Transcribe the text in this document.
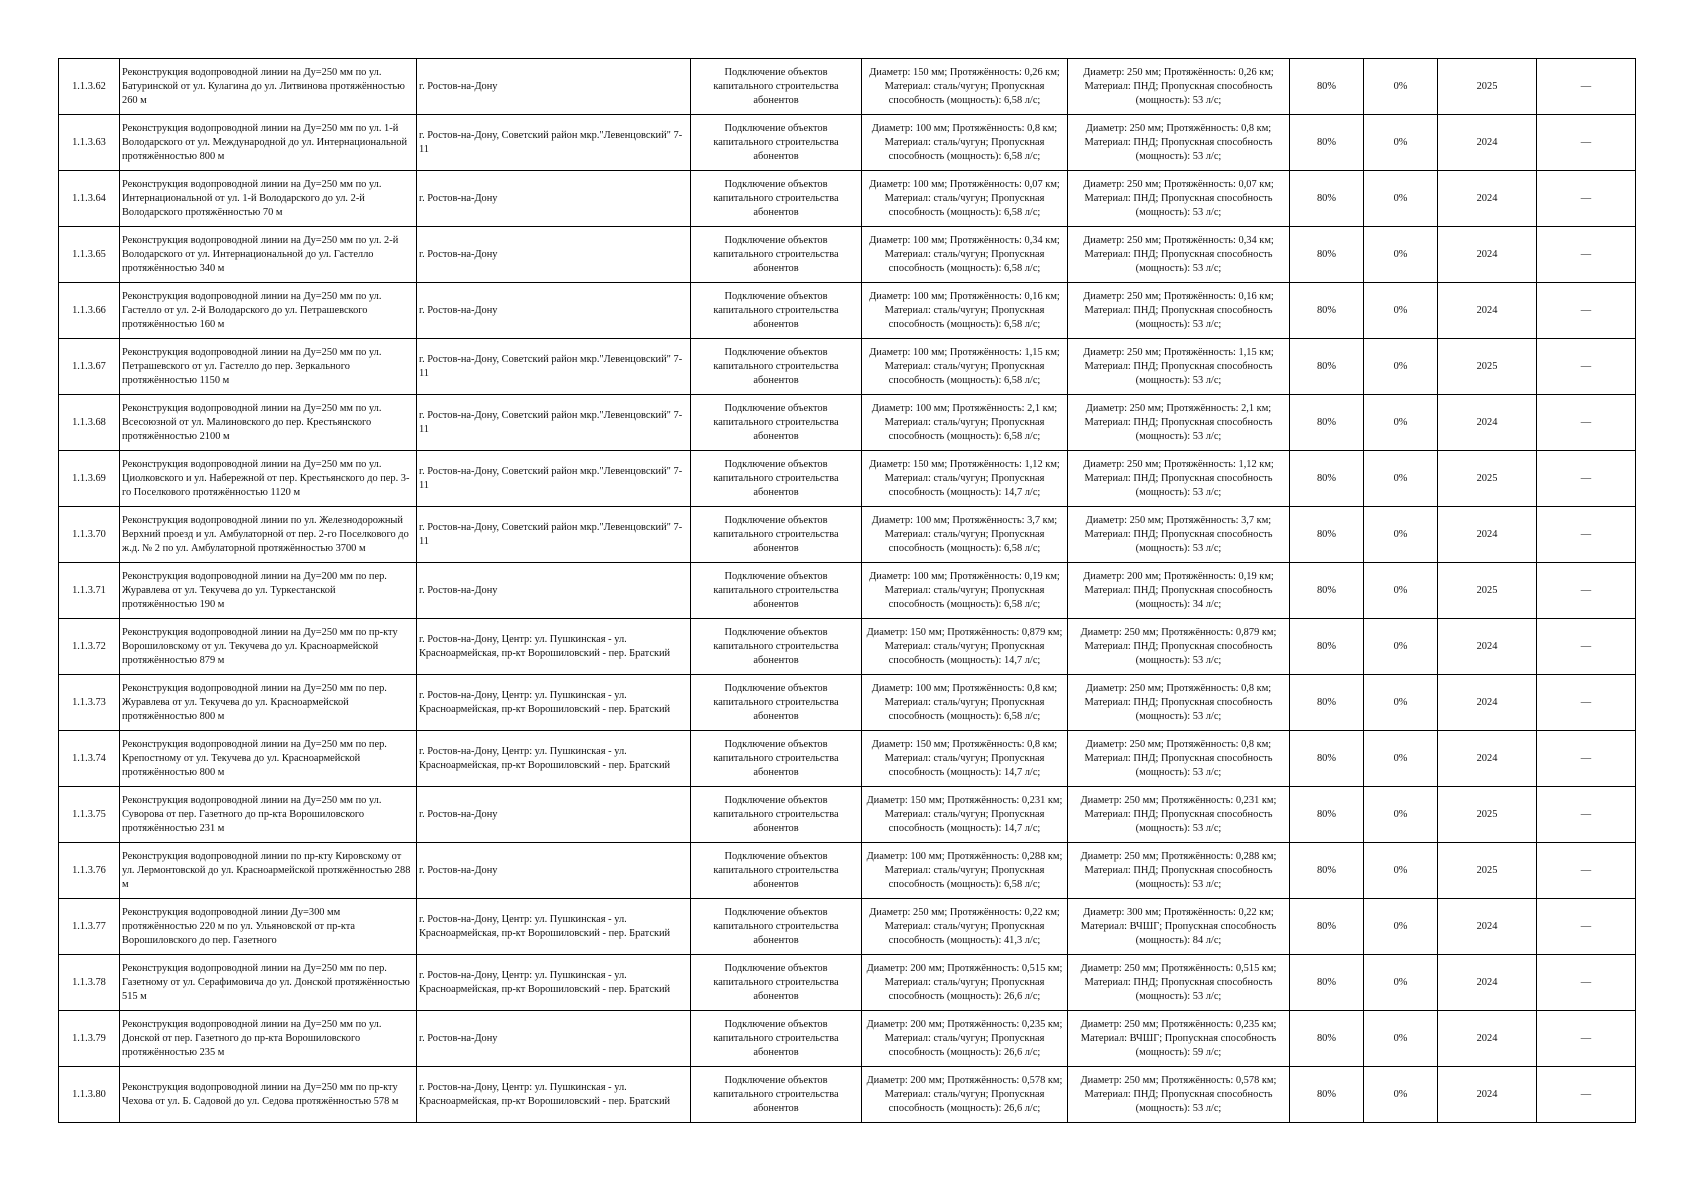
1.1.3.62	Реконструкция водопроводной линии на Ду=250 мм по ул. Батуринской от ул. Кулагина до ул. Литвинова протяжённостью 260 м	г. Ростов-на-Дону	Подключение объектов капитального строительства абонентов	Диаметр: 150 мм; Протяжённость: 0,26 км; Материал: сталь/чугун; Пропускная способность (мощность): 6,58 л/с;	Диаметр: 250 мм; Протяжённость: 0,26 км; Материал: ПНД; Пропускная способность (мощность): 53 л/с;	80%	0%	2025	—
1.1.3.63	Реконструкция водопроводной линии на Ду=250 мм по ул. 1-й Володарского от ул. Международной до ул. Интернациональной протяжённостью 800 м	г. Ростов-на-Дону, Советский район мкр."Левенцовский" 7-11	Подключение объектов капитального строительства абонентов	Диаметр: 100 мм; Протяжённость: 0,8 км; Материал: сталь/чугун; Пропускная способность (мощность): 6,58 л/с;	Диаметр: 250 мм; Протяжённость: 0,8 км; Материал: ПНД; Пропускная способность (мощность): 53 л/с;	80%	0%	2024	—
1.1.3.64	Реконструкция водопроводной линии на Ду=250 мм по ул. Интернациональной от ул. 1-й Володарского до ул. 2-й Володарского протяжённостью 70 м	г. Ростов-на-Дону	Подключение объектов капитального строительства абонентов	Диаметр: 100 мм; Протяжённость: 0,07 км; Материал: сталь/чугун; Пропускная способность (мощность): 6,58 л/с;	Диаметр: 250 мм; Протяжённость: 0,07 км; Материал: ПНД; Пропускная способность (мощность): 53 л/с;	80%	0%	2024	—
1.1.3.65	Реконструкция водопроводной линии на Ду=250 мм по ул. 2-й Володарского от ул. Интернациональной до ул. Гастелло протяжённостью 340 м	г. Ростов-на-Дону	Подключение объектов капитального строительства абонентов	Диаметр: 100 мм; Протяжённость: 0,34 км; Материал: сталь/чугун; Пропускная способность (мощность): 6,58 л/с;	Диаметр: 250 мм; Протяжённость: 0,34 км; Материал: ПНД; Пропускная способность (мощность): 53 л/с;	80%	0%	2024	—
1.1.3.66	Реконструкция водопроводной линии на Ду=250 мм по ул. Гастелло от ул. 2-й Володарского до ул. Петрашевского протяжённостью 160 м	г. Ростов-на-Дону	Подключение объектов капитального строительства абонентов	Диаметр: 100 мм; Протяжённость: 0,16 км; Материал: сталь/чугун; Пропускная способность (мощность): 6,58 л/с;	Диаметр: 250 мм; Протяжённость: 0,16 км; Материал: ПНД; Пропускная способность (мощность): 53 л/с;	80%	0%	2024	—
1.1.3.67	Реконструкция водопроводной линии на Ду=250 мм по ул. Петрашевского от ул. Гастелло до пер. Зеркального протяжённостью 1150 м	г. Ростов-на-Дону, Советский район мкр."Левенцовский" 7-11	Подключение объектов капитального строительства абонентов	Диаметр: 100 мм; Протяжённость: 1,15 км; Материал: сталь/чугун; Пропускная способность (мощность): 6,58 л/с;	Диаметр: 250 мм; Протяжённость: 1,15 км; Материал: ПНД; Пропускная способность (мощность): 53 л/с;	80%	0%	2025	—
1.1.3.68	Реконструкция водопроводной линии на Ду=250 мм по ул. Всесоюзной от ул. Малиновского до пер. Крестьянского протяжённостью 2100 м	г. Ростов-на-Дону, Советский район мкр."Левенцовский" 7-11	Подключение объектов капитального строительства абонентов	Диаметр: 100 мм; Протяжённость: 2,1 км; Материал: сталь/чугун; Пропускная способность (мощность): 6,58 л/с;	Диаметр: 250 мм; Протяжённость: 2,1 км; Материал: ПНД; Пропускная способность (мощность): 53 л/с;	80%	0%	2024	—
1.1.3.69	Реконструкция водопроводной линии на Ду=250 мм по ул. Циолковского и ул. Набережной от пер. Крестьянского до пер. 3-го Поселкового протяжённостью 1120 м	г. Ростов-на-Дону, Советский район мкр."Левенцовский" 7-11	Подключение объектов капитального строительства абонентов	Диаметр: 150 мм; Протяжённость: 1,12 км; Материал: сталь/чугун; Пропускная способность (мощность): 14,7 л/с;	Диаметр: 250 мм; Протяжённость: 1,12 км; Материал: ПНД; Пропускная способность (мощность): 53 л/с;	80%	0%	2025	—
1.1.3.70	Реконструкция водопроводной линии по ул. Железнодорожный Верхний проезд и ул. Амбулаторной от пер. 2-го Поселкового до ж.д. № 2 по ул. Амбулаторной протяжённостью 3700 м	г. Ростов-на-Дону, Советский район мкр."Левенцовский" 7-11	Подключение объектов капитального строительства абонентов	Диаметр: 100 мм; Протяжённость: 3,7 км; Материал: сталь/чугун; Пропускная способность (мощность): 6,58 л/с;	Диаметр: 250 мм; Протяжённость: 3,7 км; Материал: ПНД; Пропускная способность (мощность): 53 л/с;	80%	0%	2024	—
1.1.3.71	Реконструкция водопроводной линии на Ду=200 мм по пер. Журавлева от ул. Текучева до ул. Туркестанской протяжённостью 190 м	г. Ростов-на-Дону	Подключение объектов капитального строительства абонентов	Диаметр: 100 мм; Протяжённость: 0,19 км; Материал: сталь/чугун; Пропускная способность (мощность): 6,58 л/с;	Диаметр: 200 мм; Протяжённость: 0,19 км; Материал: ПНД; Пропускная способность (мощность): 34 л/с;	80%	0%	2025	—
1.1.3.72	Реконструкция водопроводной линии на Ду=250 мм по пр-кту Ворошиловскому от ул. Текучева до ул. Красноармейской протяжённостью 879 м	г. Ростов-на-Дону, Центр: ул. Пушкинская - ул. Красноармейская, пр-кт Ворошиловский - пер. Братский	Подключение объектов капитального строительства абонентов	Диаметр: 150 мм; Протяжённость: 0,879 км; Материал: сталь/чугун; Пропускная способность (мощность): 14,7 л/с;	Диаметр: 250 мм; Протяжённость: 0,879 км; Материал: ПНД; Пропускная способность (мощность): 53 л/с;	80%	0%	2024	—
1.1.3.73	Реконструкция водопроводной линии на Ду=250 мм по пер. Журавлева от ул. Текучева до ул. Красноармейской протяжённостью 800 м	г. Ростов-на-Дону, Центр: ул. Пушкинская - ул. Красноармейская, пр-кт Ворошиловский - пер. Братский	Подключение объектов капитального строительства абонентов	Диаметр: 100 мм; Протяжённость: 0,8 км; Материал: сталь/чугун; Пропускная способность (мощность): 6,58 л/с;	Диаметр: 250 мм; Протяжённость: 0,8 км; Материал: ПНД; Пропускная способность (мощность): 53 л/с;	80%	0%	2024	—
1.1.3.74	Реконструкция водопроводной линии на Ду=250 мм по пер. Крепостному от ул. Текучева до ул. Красноармейской протяжённостью 800 м	г. Ростов-на-Дону, Центр: ул. Пушкинская - ул. Красноармейская, пр-кт Ворошиловский - пер. Братский	Подключение объектов капитального строительства абонентов	Диаметр: 150 мм; Протяжённость: 0,8 км; Материал: сталь/чугун; Пропускная способность (мощность): 14,7 л/с;	Диаметр: 250 мм; Протяжённость: 0,8 км; Материал: ПНД; Пропускная способность (мощность): 53 л/с;	80%	0%	2024	—
1.1.3.75	Реконструкция водопроводной линии на Ду=250 мм по ул. Суворова от пер. Газетного до пр-кта Ворошиловского протяжённостью 231 м	г. Ростов-на-Дону	Подключение объектов капитального строительства абонентов	Диаметр: 150 мм; Протяжённость: 0,231 км; Материал: сталь/чугун; Пропускная способность (мощность): 14,7 л/с;	Диаметр: 250 мм; Протяжённость: 0,231 км; Материал: ПНД; Пропускная способность (мощность): 53 л/с;	80%	0%	2025	—
1.1.3.76	Реконструкция водопроводной линии по пр-кту Кировскому от ул. Лермонтовской до ул. Красноармейской протяжённостью 288 м	г. Ростов-на-Дону	Подключение объектов капитального строительства абонентов	Диаметр: 100 мм; Протяжённость: 0,288 км; Материал: сталь/чугун; Пропускная способность (мощность): 6,58 л/с;	Диаметр: 250 мм; Протяжённость: 0,288 км; Материал: ПНД; Пропускная способность (мощность): 53 л/с;	80%	0%	2025	—
1.1.3.77	Реконструкция водопроводной линии Ду=300 мм протяжённостью 220 м по ул. Ульяновской от пр-кта Ворошиловского до пер. Газетного	г. Ростов-на-Дону, Центр: ул. Пушкинская - ул. Красноармейская, пр-кт Ворошиловский - пер. Братский	Подключение объектов капитального строительства абонентов	Диаметр: 250 мм; Протяжённость: 0,22 км; Материал: сталь/чугун; Пропускная способность (мощность): 41,3 л/с;	Диаметр: 300 мм; Протяжённость: 0,22 км; Материал: ВЧШГ; Пропускная способность (мощность): 84 л/с;	80%	0%	2024	—
1.1.3.78	Реконструкция водопроводной линии на Ду=250 мм по пер. Газетному от ул. Серафимовича до ул. Донской протяжённостью 515 м	г. Ростов-на-Дону, Центр: ул. Пушкинская - ул. Красноармейская, пр-кт Ворошиловский - пер. Братский	Подключение объектов капитального строительства абонентов	Диаметр: 200 мм; Протяжённость: 0,515 км; Материал: сталь/чугун; Пропускная способность (мощность): 26,6 л/с;	Диаметр: 250 мм; Протяжённость: 0,515 км; Материал: ПНД; Пропускная способность (мощность): 53 л/с;	80%	0%	2024	—
1.1.3.79	Реконструкция водопроводной линии на Ду=250 мм по ул. Донской от пер. Газетного до пр-кта Ворошиловского протяжённостью 235 м	г. Ростов-на-Дону	Подключение объектов капитального строительства абонентов	Диаметр: 200 мм; Протяжённость: 0,235 км; Материал: сталь/чугун; Пропускная способность (мощность): 26,6 л/с;	Диаметр: 250 мм; Протяжённость: 0,235 км; Материал: ВЧШГ; Пропускная способность (мощность): 59 л/с;	80%	0%	2024	—
1.1.3.80	Реконструкция водопроводной линии на Ду=250 мм по пр-кту Чехова от ул. Б. Садовой до ул. Седова протяжённостью 578 м	г. Ростов-на-Дону, Центр: ул. Пушкинская - ул. Красноармейская, пр-кт Ворошиловский - пер. Братский	Подключение объектов капитального строительства абонентов	Диаметр: 200 мм; Протяжённость: 0,578 км; Материал: сталь/чугун; Пропускная способность (мощность): 26,6 л/с;	Диаметр: 250 мм; Протяжённость: 0,578 км; Материал: ПНД; Пропускная способность (мощность): 53 л/с;	80%	0%	2024	—
